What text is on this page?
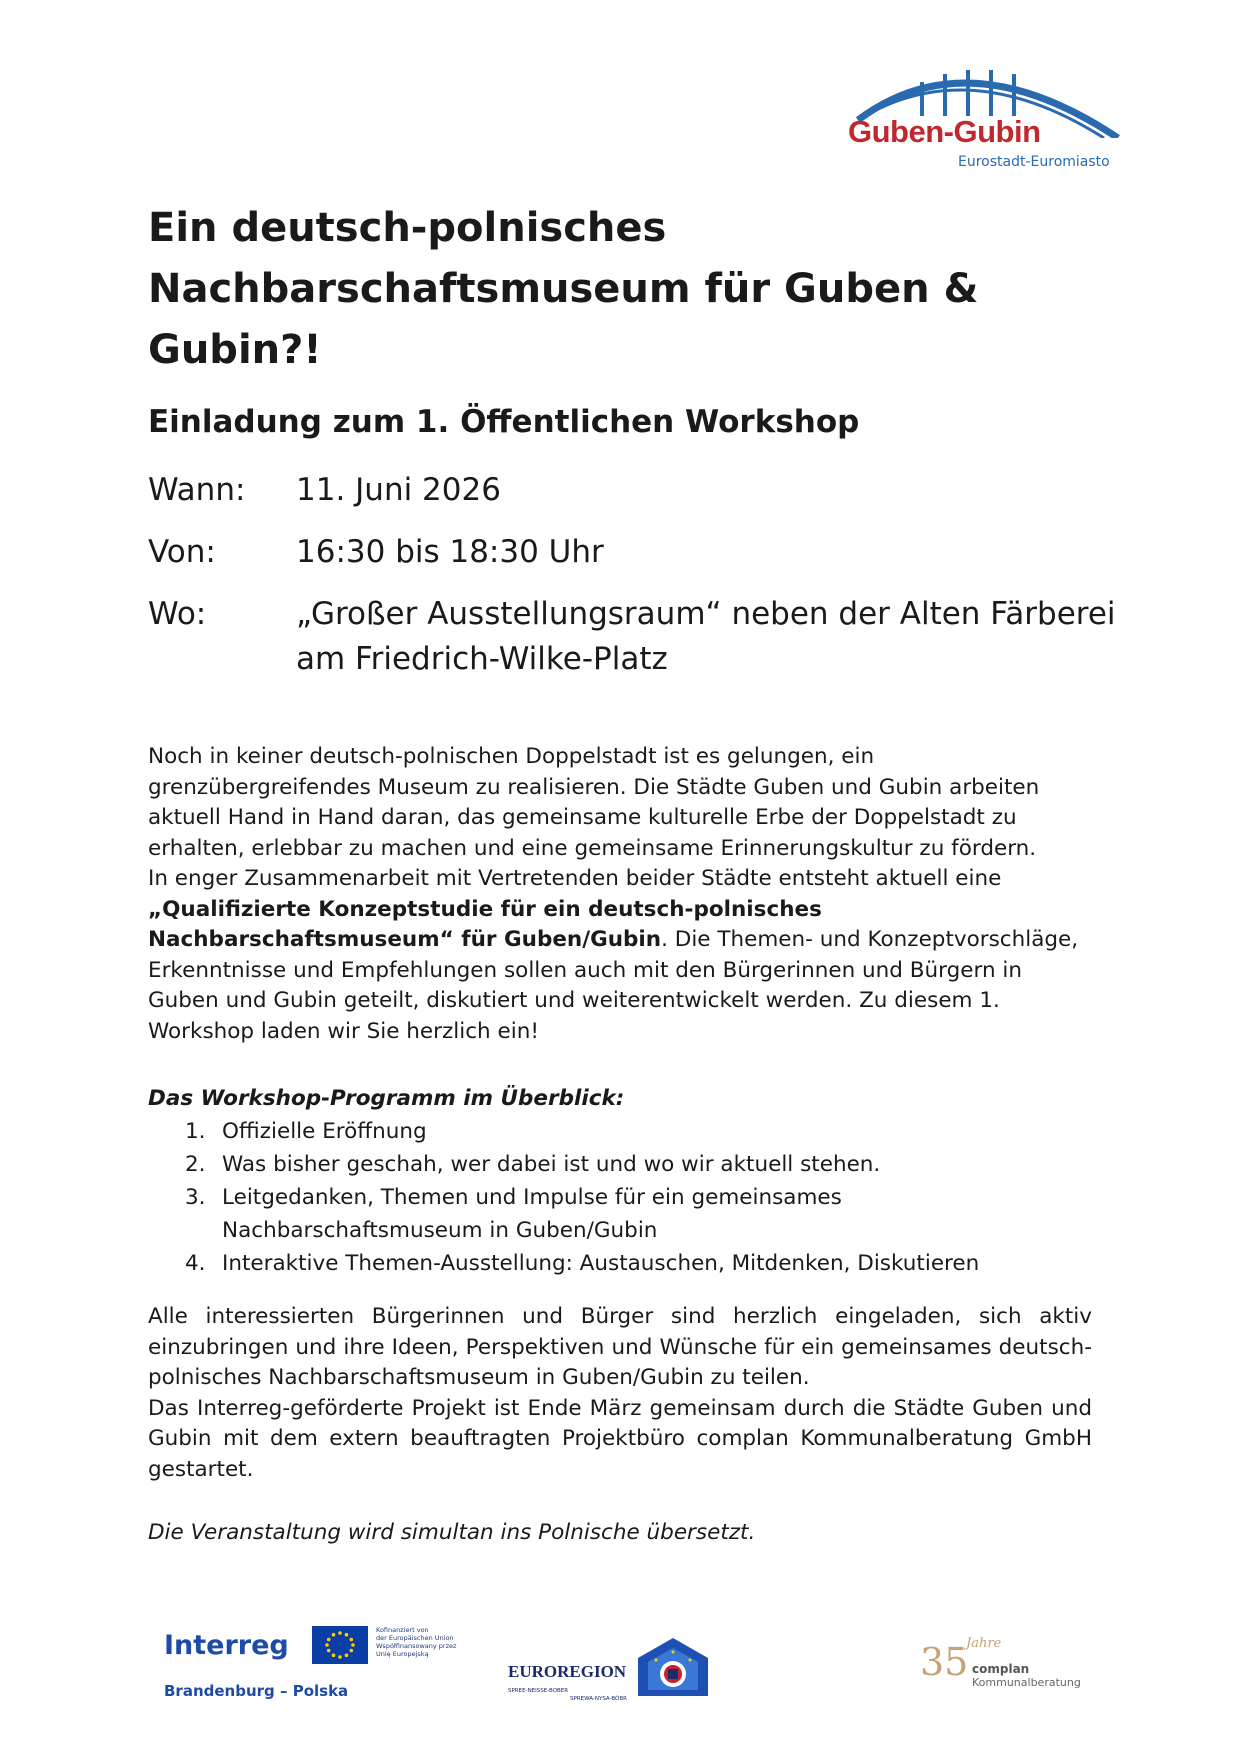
Guben-Gubin
Eurostadt-Euromiasto
Ein deutsch-polnisches
Nachbarschaftsmuseum für Guben &
Gubin?!
Einladung zum 1. Öffentlichen Workshop
Wann: 11. Juni 2026
Von:	16:30 bis 18:30 Uhr
Wo:	„Großer Ausstellungsraum“ neben der Alten Färberei am Friedrich-Wilke-Platz

Noch in keiner deutsch-polnischen Doppelstadt ist es gelungen, ein grenzübergreifendes Museum zu realisieren. Die Städte Guben und Gubin arbeiten aktuell Hand in Hand daran, das gemeinsame kulturelle Erbe der Doppelstadt zu erhalten, erlebbar zu machen und eine gemeinsame Erinnerungskultur zu fördern.
In enger Zusammenarbeit mit Vertretenden beider Städte entsteht aktuell eine „Qualifizierte Konzeptstudie für ein deutsch-polnisches Nachbarschaftsmuseum“ für Guben/Gubin. Die Themen- und Konzeptvorschläge, Erkenntnisse und Empfehlungen sollen auch mit den Bürgerinnen und Bürgern in Guben und Gubin geteilt, diskutiert und weiterentwickelt werden. Zu diesem 1. Workshop laden wir Sie herzlich ein!

Das Workshop-Programm im Überblick:

1. Offizielle Eröffnung
2. Was bisher geschah, wer dabei ist und wo wir aktuell stehen.
3. Leitgedanken, Themen und Impulse für ein gemeinsames Nachbarschaftsmuseum in Guben/Gubin
4. Interaktive Themen-Ausstellung: Austauschen, Mitdenken, Diskutieren

Alle interessierten Bürgerinnen und Bürger sind herzlich eingeladen, sich aktiv einzubringen und ihre Ideen, Perspektiven und Wünsche für ein gemeinsames deutsch-polnisches Nachbarschaftsmuseum in Guben/Gubin zu teilen.

Das Interreg-geförderte Projekt ist Ende März gemeinsam durch die Städte Guben und Gubin mit dem extern beauftragten Projektbüro complan Kommunalberatung GmbH gestartet.

Die Veranstaltung wird simultan ins Polnische übersetzt.
Interreg	Kofinanziert von
der Europäischen Union
Współfinansowany przez
Unię Europejską
Brandenburg – Polska
EUROREGION
SPREE-NEISSE-BOBER
SPREWA-NYSA-BÓBR
35
Jahre
complan
Kommunalberatung
